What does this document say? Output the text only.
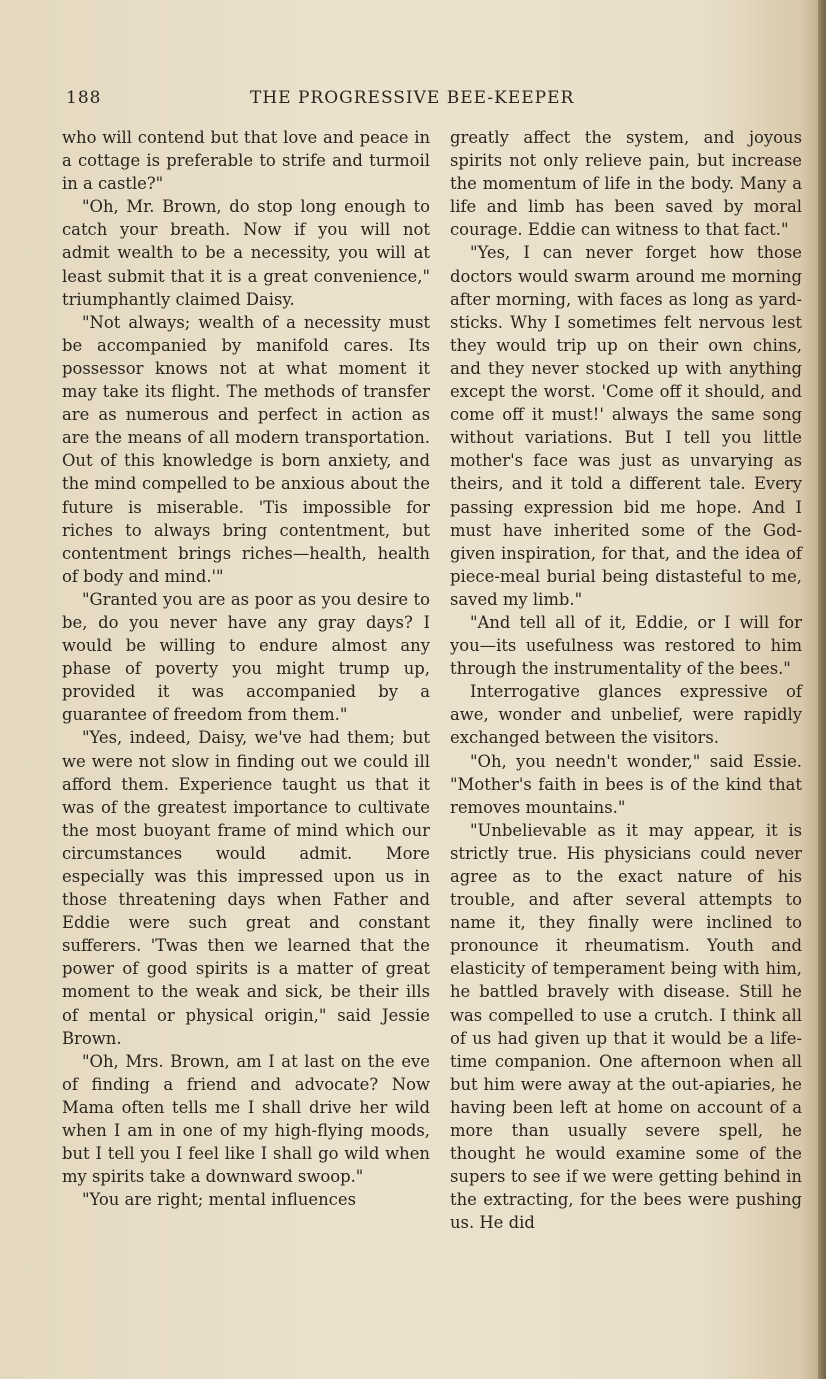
188	THE PROGRESSIVE BEE-KEEPER

who will contend but that love and peace in a cottage is preferable to strife and turmoil in a castle?"

"Oh, Mr. Brown, do stop long enough to catch your breath. Now if you will not admit wealth to be a necessity, you will at least submit that it is a great convenience," triumphantly claimed Daisy.

"Not always; wealth of a necessity must be accompanied by manifold cares. Its possessor knows not at what moment it may take its flight. The methods of transfer are as numerous and perfect in action as are the means of all modern transportation. Out of this knowledge is born anxiety, and the mind compelled to be anxious about the future is miserable. 'Tis impossible for riches to always bring contentment, but contentment brings riches—health, health of body and mind.'"

"Granted you are as poor as you desire to be, do you never have any gray days? I would be willing to endure almost any phase of poverty you might trump up, provided it was accompanied by a guarantee of freedom from them."

"Yes, indeed, Daisy, we've had them; but we were not slow in finding out we could ill afford them. Experience taught us that it was of the greatest importance to cultivate the most buoyant frame of mind which our circumstances would admit. More especially was this impressed upon us in those threatening days when Father and Eddie were such great and constant sufferers. 'Twas then we learned that the power of good spirits is a matter of great moment to the weak and sick, be their ills of mental or physical origin," said Jessie Brown.

"Oh, Mrs. Brown, am I at last on the eve of finding a friend and advocate? Now Mama often tells me I shall drive her wild when I am in one of my high-flying moods, but I tell you I feel like I shall go wild when my spirits take a downward swoop."

"You are right; mental influences

greatly affect the system, and joyous spirits not only relieve pain, but increase the momentum of life in the body. Many a life and limb has been saved by moral courage. Eddie can witness to that fact."

"Yes, I can never forget how those doctors would swarm around me morning after morning, with faces as long as yard-sticks. Why I sometimes felt nervous lest they would trip up on their own chins, and they never stocked up with anything except the worst. 'Come off it should, and come off it must!' always the same song without variations. But I tell you little mother's face was just as unvarying as theirs, and it told a different tale. Every passing expression bid me hope. And I must have inherited some of the God-given inspiration, for that, and the idea of piece-meal burial being distasteful to me, saved my limb."

"And tell all of it, Eddie, or I will for you—its usefulness was restored to him through the instrumentality of the bees."

Interrogative glances expressive of awe, wonder and unbelief, were rapidly exchanged between the visitors.

"Oh, you needn't wonder," said Essie. "Mother's faith in bees is of the kind that removes mountains."

"Unbelievable as it may appear, it is strictly true. His physicians could never agree as to the exact nature of his trouble, and after several attempts to name it, they finally were inclined to pronounce it rheumatism. Youth and elasticity of temperament being with him, he battled bravely with disease. Still he was compelled to use a crutch. I think all of us had given up that it would be a life-time companion. One afternoon when all but him were away at the out-apiaries, he having been left at home on account of a more than usually severe spell, he thought he would examine some of the supers to see if we were getting behind in the extracting, for the bees were pushing us. He did
